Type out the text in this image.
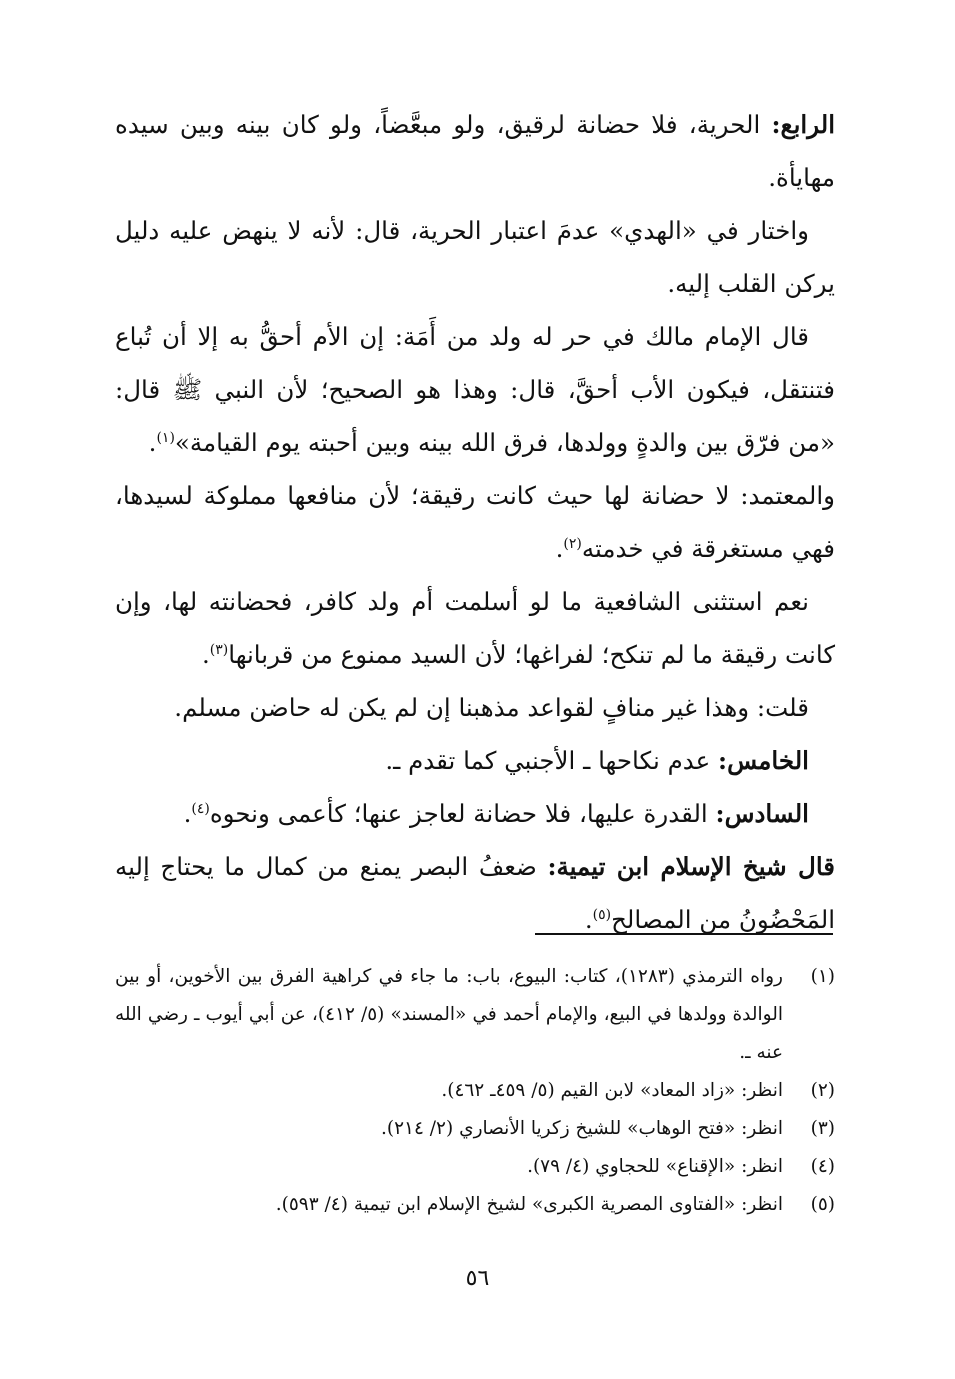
الرابع: الحرية، فلا حضانة لرقيق، ولو مبعَّضاً، ولو كان بينه وبين سيده مهايأة.

واختار في «الهدي» عدمَ اعتبار الحرية، قال: لأنه لا ينهض عليه دليل يركن القلب إليه.

قال الإمام مالك في حر له ولد من أَمَة: إن الأم أحقُّ به إلا أن تُباع فتنتقل، فيكون الأب أحقَّ، قال: وهذا هو الصحيح؛ لأن النبي ﷺ قال: «من فرّق بين والدةٍ وولدها، فرق الله بينه وبين أحبته يوم القيامة»$^{(١)}$.

والمعتمد: لا حضانة لها حيث كانت رقيقة؛ لأن منافعها مملوكة لسيدها، فهي مستغرقة في خدمته$^{(٢)}$.

نعم استثنى الشافعية ما لو أسلمت أم ولد كافر، فحضانته لها، وإن كانت رقيقة ما لم تنكح؛ لفراغها؛ لأن السيد ممنوع من قربانها$^{(٣)}$.

قلت: وهذا غير منافٍ لقواعد مذهبنا إن لم يكن له حاضن مسلم.

الخامس: عدم نكاحها ـ الأجنبي كما تقدم ـ.

السادس: القدرة عليها، فلا حضانة لعاجز عنها؛ كأعمى ونحوه$^{(٤)}$.

قال شيخ الإسلام ابن تيمية: ضعفُ البصر يمنع من كمال ما يحتاج إليه المَحْضُونُ من المصالح$^{(٥)}$.

(١)
رواه الترمذي (١٢٨٣)، كتاب: البيوع، باب: ما جاء في كراهية الفرق بين الأخوين، أو بين الوالدة وولدها في البيع، والإمام أحمد في «المسند» (٥/ ٤١٢)، عن أبي أيوب ـ رضي الله عنه ـ.
(٢)
انظر: «زاد المعاد» لابن القيم (٥/ ٤٥٩ـ ٤٦٢).
(٣)
انظر: «فتح الوهاب» للشيخ زكريا الأنصاري (٢/ ٢١٤).
(٤)
انظر: «الإقناع» للحجاوي (٤/ ٧٩).
(٥)
انظر: «الفتاوى المصرية الكبرى» لشيخ الإسلام ابن تيمية (٤/ ٥٩٣).
٥٦
